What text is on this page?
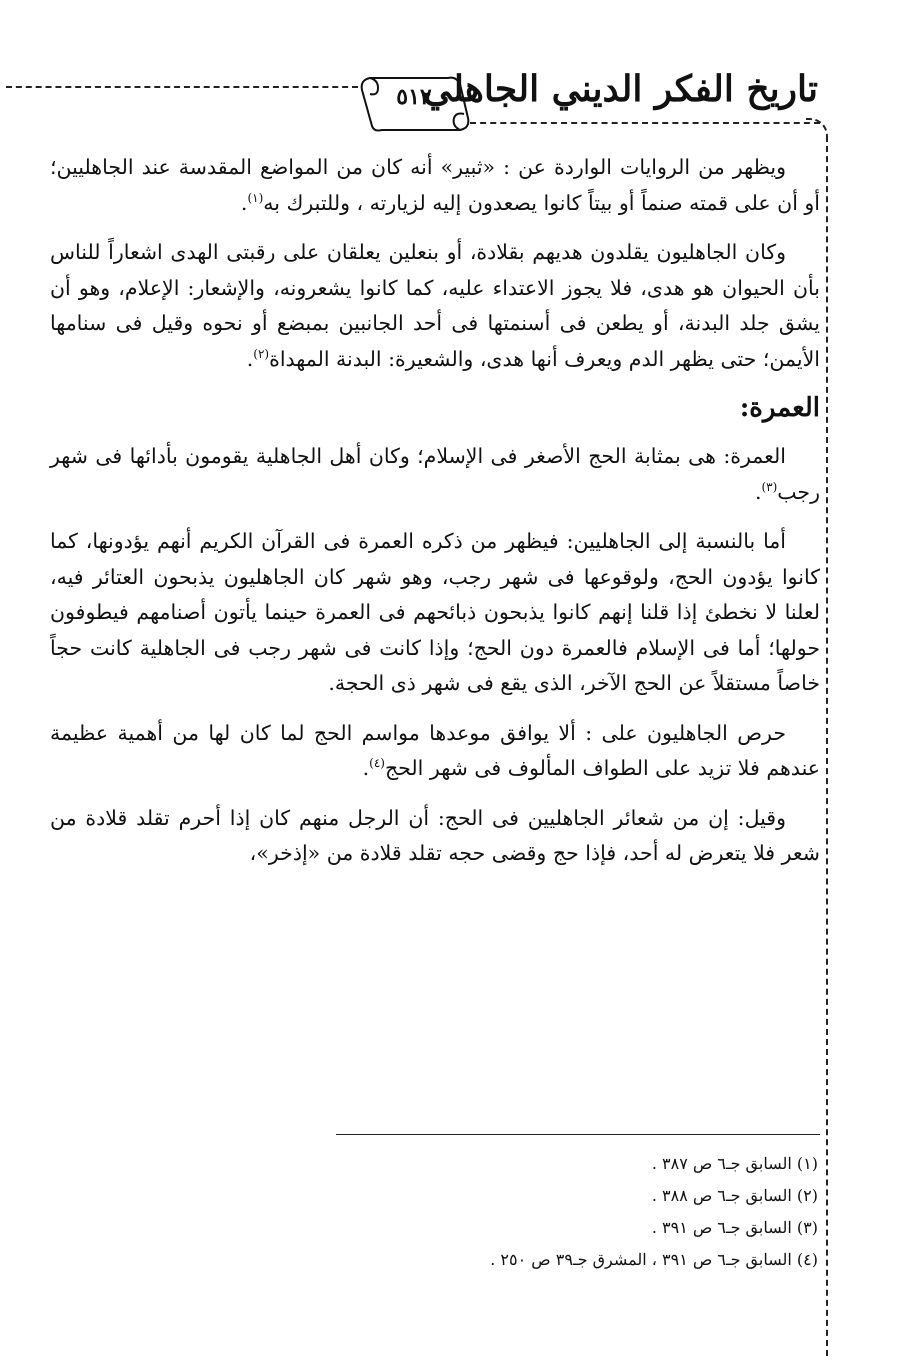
٥١٢
تاريخ الفكر الديني الجاهلي

ويظهر من الروايات الواردة عن : «ثبير» أنه كان من المواضع المقدسة عند الجاهليين؛ أو أن على قمته صنماً أو بيتاً كانوا يصعدون إليه لزيارته ، وللتبرك به$^{(١)}$.

وكان الجاهليون يقلدون هديهم بقلادة، أو بنعلين يعلقان على رقبتى الهدى اشعاراً للناس بأن الحيوان هو هدى، فلا يجوز الاعتداء عليه، كما كانوا يشعرونه، والإشعار: الإعلام، وهو أن يشق جلد البدنة، أو يطعن فى أسنمتها فى أحد الجانبين بمبضع أو نحوه وقيل فى سنامها الأيمن؛ حتى يظهر الدم ويعرف أنها هدى، والشعيرة: البدنة المهداة$^{(٢)}$.

العمرة:

العمرة: هى بمثابة الحج الأصغر فى الإسلام؛ وكان أهل الجاهلية يقومون بأدائها فى شهر رجب$^{(٣)}$.

أما بالنسبة إلى الجاهليين: فيظهر من ذكره العمرة فى القرآن الكريم أنهم يؤدونها، كما كانوا يؤدون الحج، ولوقوعها فى شهر رجب، وهو شهر كان الجاهليون يذبحون العتائر فيه، لعلنا لا نخطئ إذا قلنا إنهم كانوا يذبحون ذبائحهم فى العمرة حينما يأتون أصنامهم فيطوفون حولها؛ أما فى الإسلام فالعمرة دون الحج؛ وإذا كانت فى شهر رجب فى الجاهلية كانت حجاً خاصاً مستقلاً عن الحج الآخر، الذى يقع فى شهر ذى الحجة.

حرص الجاهليون على : ألا يوافق موعدها مواسم الحج لما كان لها من أهمية عظيمة عندهم فلا تزيد على الطواف المألوف فى شهر الحج$^{(٤)}$.

وقيل: إن من شعائر الجاهليين فى الحج: أن الرجل منهم كان إذا أحرم تقلد قلادة من شعر فلا يتعرض له أحد، فإذا حج وقضى حجه تقلد قلادة من «إذخر»،

(١) السابق جـ٦ ص ٣٨٧ .
(٢) السابق جـ٦ ص ٣٨٨ .
(٣) السابق جـ٦ ص ٣٩١ .
(٤) السابق جـ٦ ص ٣٩١ ، المشرق جـ٣٩ ص ٢٥٠ .
